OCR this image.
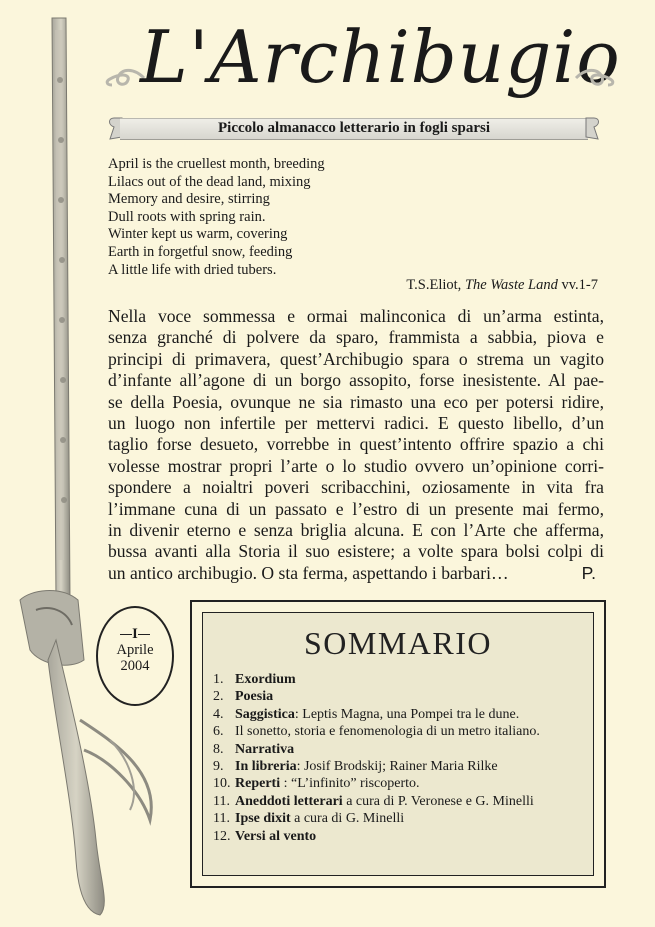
L'Archibugio
Piccolo almanacco letterario in fogli sparsi
April is the cruellest month, breeding
Lilacs out of the dead land, mixing
Memory and desire, stirring
Dull roots with spring rain.
Winter kept us warm, covering
Earth in forgetful snow, feeding
A little life with dried tubers.
T.S.Eliot, The Waste Land vv.1-7
Nella voce sommessa e ormai malinconica di un’arma estinta,
senza granché di polvere da sparo, frammista a sabbia, piova e
principi di primavera, quest’Archibugio spara o strema un vagito
d’infante all’agone di un borgo assopito, forse inesistente. Al pae-
se della Poesia, ovunque ne sia rimasto una eco per potersi ridire,
un luogo non infertile per mettervi radici. E questo libello, d’un
taglio forse desueto, vorrebbe in quest’intento offrire spazio a chi
volesse mostrar propri l’arte o lo studio ovvero un’opinione corri-
spondere a noialtri poveri scribacchini, oziosamente in vita fra
l’immane cuna di un passato e l’estro di un presente mai fermo,
in divenir eterno e senza briglia alcuna. E con l’Arte che afferma,
bussa avanti alla Storia il suo esistere; a volte spara bolsi colpi di
un antico archibugio. O sta ferma, aspettando i barbari…	P.
I
Aprile
2004
SOMMARIO
1. Exordium
2. Poesia
4. Saggistica: Leptis Magna, una Pompei tra le dune.
6. Il sonetto, storia e fenomenologia di un metro italiano.
8. Narrativa
9. In libreria: Josif Brodskij; Rainer Maria Rilke
10. Reperti : “L’infinito” riscoperto.
11. Aneddoti letterari a cura di P. Veronese e G. Minelli
11. Ipse dixit a cura di G. Minelli
12. Versi al vento
